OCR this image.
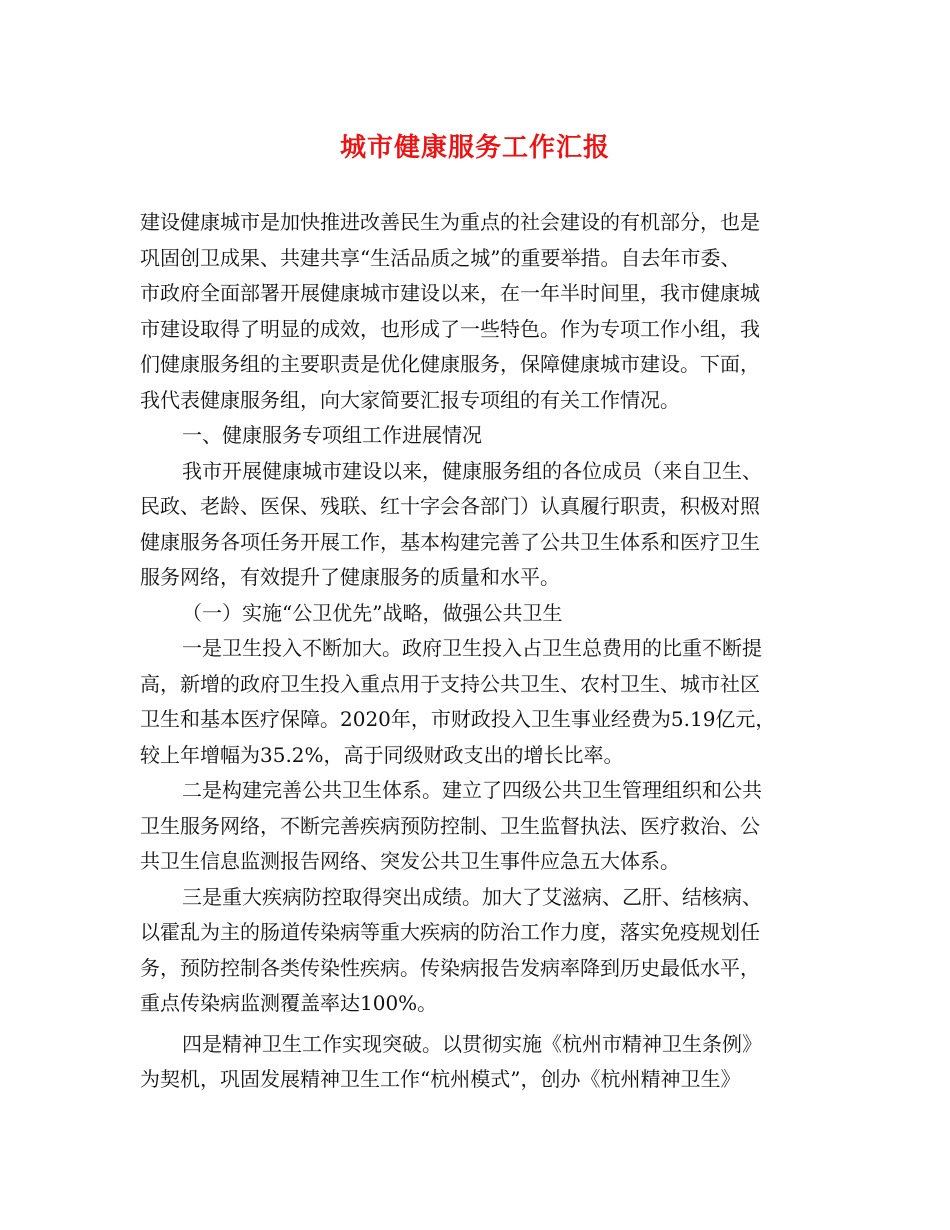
城市健康服务工作汇报
建设健康城市是加快推进改善民生为重点的社会建设的有机部分，也是
巩固创卫成果、共建共享“生活品质之城”的重要举措。自去年市委、
市政府全面部署开展健康城市建设以来，在一年半时间里，我市健康城
市建设取得了明显的成效，也形成了一些特色。作为专项工作小组，我
们健康服务组的主要职责是优化健康服务，保障健康城市建设。下面，
我代表健康服务组，向大家简要汇报专项组的有关工作情况。
一、健康服务专项组工作进展情况
我市开展健康城市建设以来，健康服务组的各位成员（来自卫生、
民政、老龄、医保、残联、红十字会各部门）认真履行职责，积极对照
健康服务各项任务开展工作，基本构建完善了公共卫生体系和医疗卫生
服务网络，有效提升了健康服务的质量和水平。
（一）实施“公卫优先”战略，做强公共卫生
一是卫生投入不断加大。政府卫生投入占卫生总费用的比重不断提
高，新增的政府卫生投入重点用于支持公共卫生、农村卫生、城市社区
卫生和基本医疗保障。2020年，市财政投入卫生事业经费为5.19亿元，
较上年增幅为35.2%，高于同级财政支出的增长比率。
二是构建完善公共卫生体系。建立了四级公共卫生管理组织和公共
卫生服务网络，不断完善疾病预防控制、卫生监督执法、医疗救治、公
共卫生信息监测报告网络、突发公共卫生事件应急五大体系。
三是重大疾病防控取得突出成绩。加大了艾滋病、乙肝、结核病、
以霍乱为主的肠道传染病等重大疾病的防治工作力度，落实免疫规划任
务，预防控制各类传染性疾病。传染病报告发病率降到历史最低水平，
重点传染病监测覆盖率达100%。
四是精神卫生工作实现突破。以贯彻实施《杭州市精神卫生条例》
为契机，巩固发展精神卫生工作“杭州模式”，创办《杭州精神卫生》
